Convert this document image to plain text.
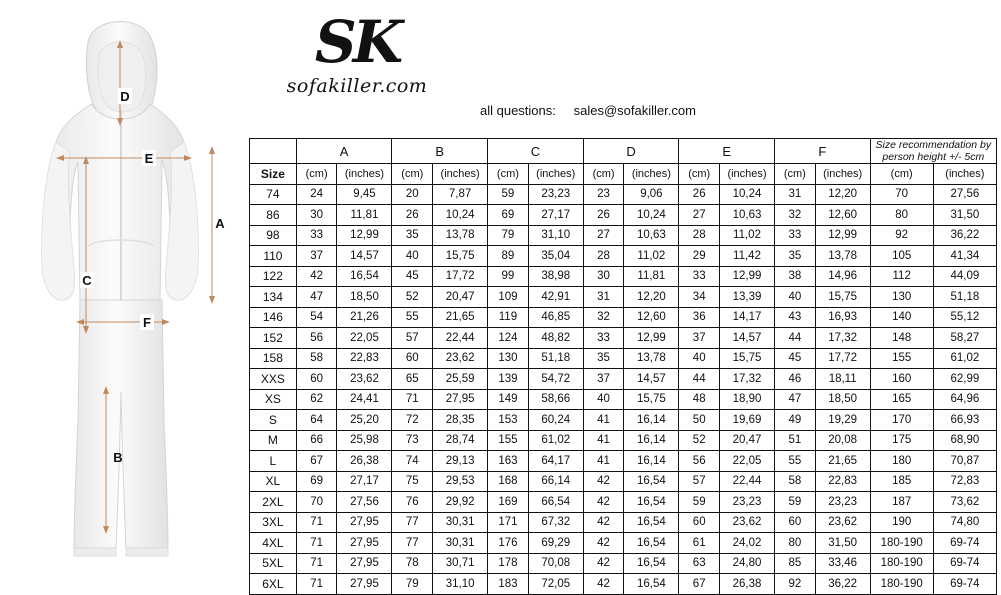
D
E
A
C
F
B
SK
sofakiller.com
all questions: sales@sofakiller.com
	A		B		C		D		E		F		Size recommendation by person height +/- 5cm	
Size	(cm)	(inches)	(cm)	(inches)	(cm)	(inches)	(cm)	(inches)	(cm)	(inches)	(cm)	(inches)	(cm)	(inches)
74	24	9,45	20	7,87	59	23,23	23	9,06	26	10,24	31	12,20	70	27,56
86	30	11,81	26	10,24	69	27,17	26	10,24	27	10,63	32	12,60	80	31,50
98	33	12,99	35	13,78	79	31,10	27	10,63	28	11,02	33	12,99	92	36,22
110	37	14,57	40	15,75	89	35,04	28	11,02	29	11,42	35	13,78	105	41,34
122	42	16,54	45	17,72	99	38,98	30	11,81	33	12,99	38	14,96	112	44,09
134	47	18,50	52	20,47	109	42,91	31	12,20	34	13,39	40	15,75	130	51,18
146	54	21,26	55	21,65	119	46,85	32	12,60	36	14,17	43	16,93	140	55,12
152	56	22,05	57	22,44	124	48,82	33	12,99	37	14,57	44	17,32	148	58,27
158	58	22,83	60	23,62	130	51,18	35	13,78	40	15,75	45	17,72	155	61,02
XXS	60	23,62	65	25,59	139	54,72	37	14,57	44	17,32	46	18,11	160	62,99
XS	62	24,41	71	27,95	149	58,66	40	15,75	48	18,90	47	18,50	165	64,96
S	64	25,20	72	28,35	153	60,24	41	16,14	50	19,69	49	19,29	170	66,93
M	66	25,98	73	28,74	155	61,02	41	16,14	52	20,47	51	20,08	175	68,90
L	67	26,38	74	29,13	163	64,17	41	16,14	56	22,05	55	21,65	180	70,87
XL	69	27,17	75	29,53	168	66,14	42	16,54	57	22,44	58	22,83	185	72,83
2XL	70	27,56	76	29,92	169	66,54	42	16,54	59	23,23	59	23,23	187	73,62
3XL	71	27,95	77	30,31	171	67,32	42	16,54	60	23,62	60	23,62	190	74,80
4XL	71	27,95	77	30,31	176	69,29	42	16,54	61	24,02	80	31,50	180-190	69-74
5XL	71	27,95	78	30,71	178	70,08	42	16,54	63	24,80	85	33,46	180-190	69-74
6XL	71	27,95	79	31,10	183	72,05	42	16,54	67	26,38	92	36,22	180-190	69-74
